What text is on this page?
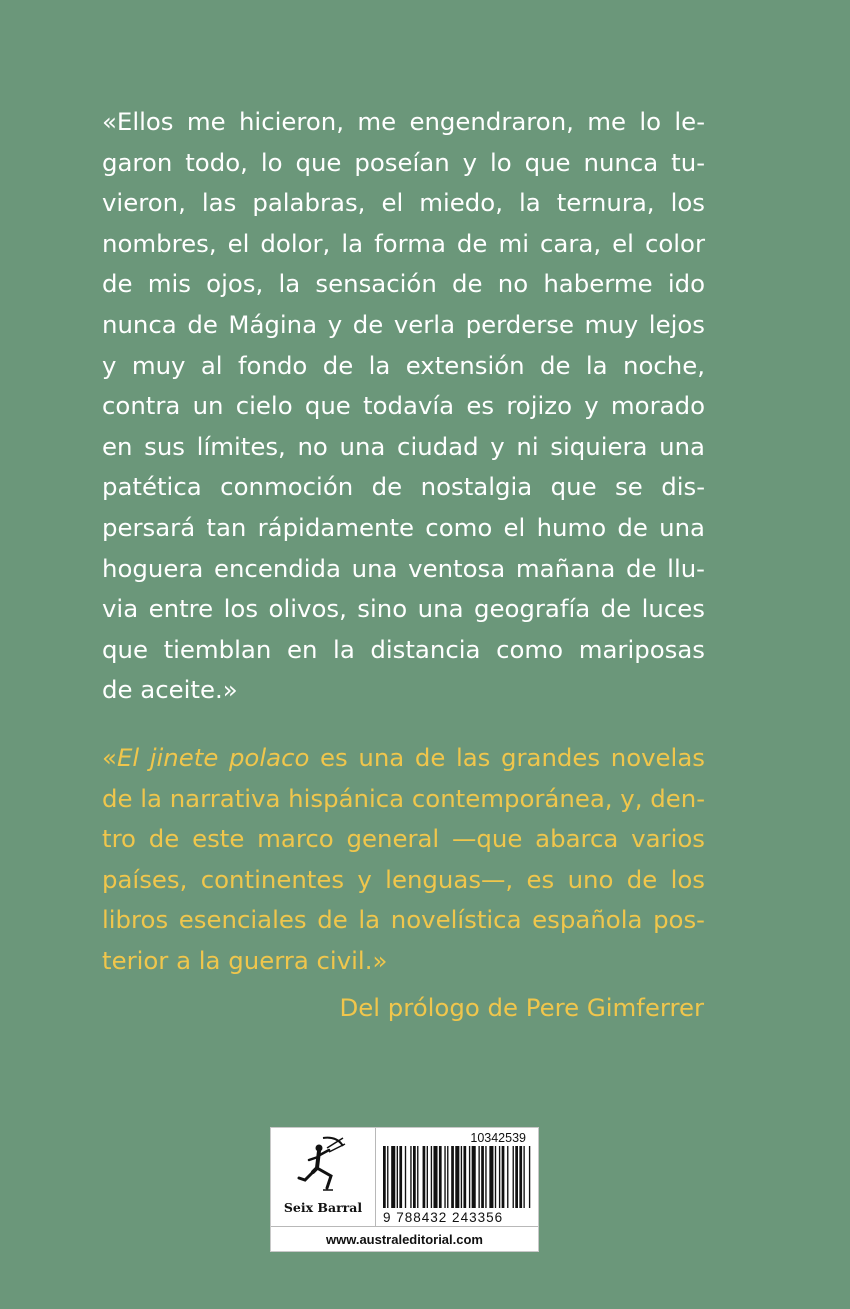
«Ellos me hicieron, me engendraron, me lo le-
garon todo, lo que poseían y lo que nunca tu-
vieron, las palabras, el miedo, la ternura, los
nombres, el dolor, la forma de mi cara, el color
de mis ojos, la sensación de no haberme ido
nunca de Mágina y de verla perderse muy lejos
y muy al fondo de la extensión de la noche,
contra un cielo que todavía es rojizo y morado
en sus límites, no una ciudad y ni siquiera una
patética conmoción de nostalgia que se dis-
persará tan rápidamente como el humo de una
hoguera encendida una ventosa mañana de llu-
via entre los olivos, sino una geografía de luces
que tiemblan en la distancia como mariposas
de aceite.»
«El jinete polaco es una de las grandes novelas
de la narrativa hispánica contemporánea, y, den-
tro de este marco general —que abarca varios
países, continentes y lenguas—, es uno de los
libros esenciales de la novelística española pos-
terior a la guerra civil.»
Del prólogo de Pere Gimferrer
Seix Barral
10342539
9 788432 243356
www.australeditorial.com
